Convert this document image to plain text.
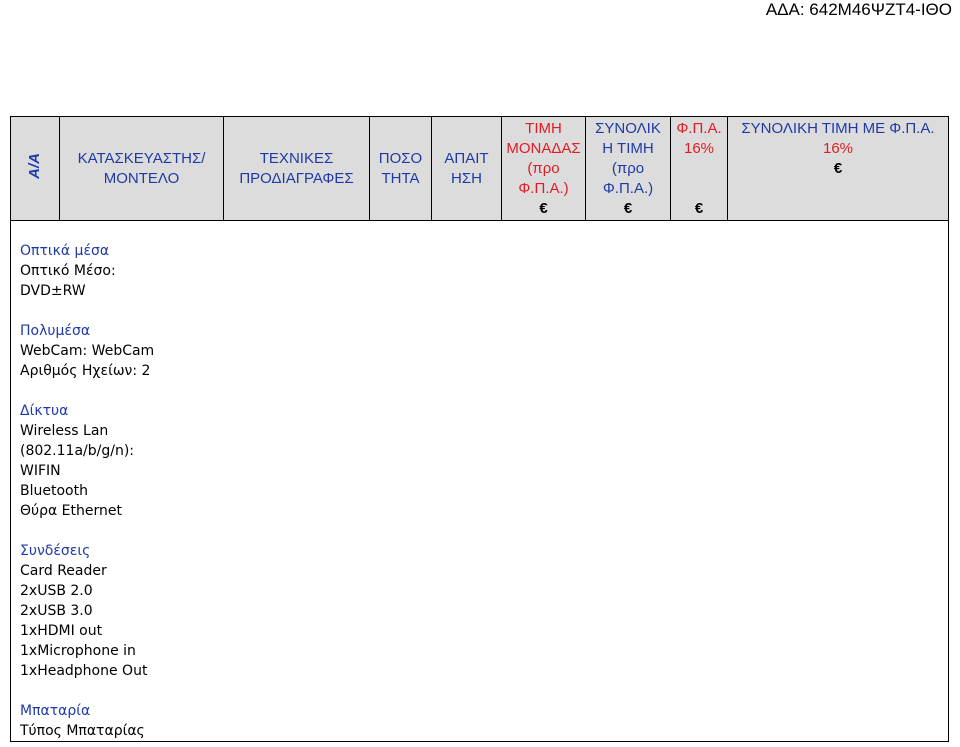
ΑΔΑ: 642Μ46ΨΖΤ4-ΙΘΟ
Α/Α	ΚΑΤΑΣΚΕΥΑΣΤΗΣ/
ΜΟΝΤΕΛΟ

ΤΕΧΝΙΚΕΣ
ΠΡΟΔΙΑΓΡΑΦΕΣ

ΠΟΣΟ
ΤΗΤΑ

ΑΠΑΙΤ
ΗΣΗ

ΤΙΜΗ
ΜΟΝΑΔΑΣ
(προ
Φ.Π.Α.)
€

ΣΥΝΟΛΙΚ
Η ΤΙΜΗ
(προ
Φ.Π.Α.)
€

Φ.Π.Α.
16%

€

ΣΥΝΟΛΙΚΗ ΤΙΜΗ ΜΕ Φ.Π.Α.
16%
€

Οπτικά μέσα
Οπτικό Μέσο:
DVD±RW
Πολυμέσα
WebCam: WebCam
Αριθμός Ηχείων: 2
Δίκτυα
Wireless Lan
(802.11a/b/g/n):
WIFIN
Bluetooth
Θύρα Ethernet
Συνδέσεις
Card Reader
2xUSB 2.0
2xUSB 3.0
1xHDMI out
1xMicrophone in
1xHeadphone Out
Μπαταρία
Τύπος Μπαταρίας
